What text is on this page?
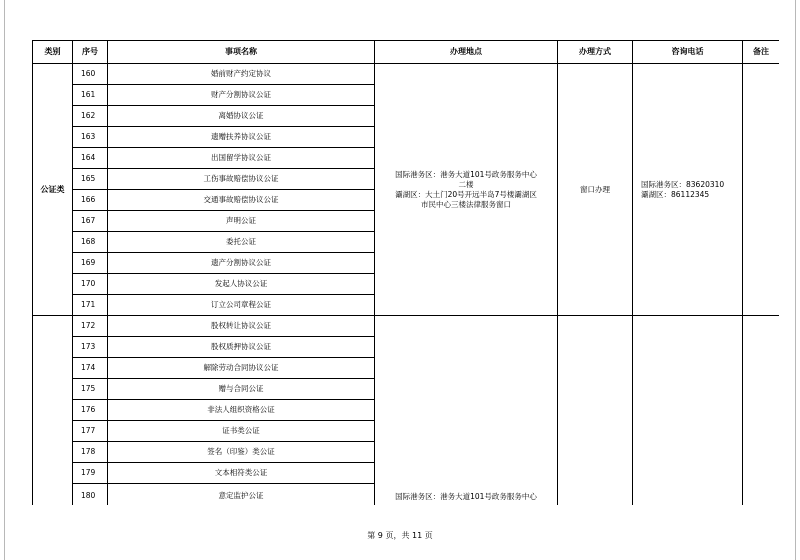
类别	序号	事项名称	办理地点	办理方式	咨询电话	备注
公证类	160	婚前财产约定协议	国际港务区：港务大道101号政务服务中心
二楼
灞湖区：大土门20号开远半岛7号楼灞湖区
市民中心三楼法律服务窗口	窗口办理	国际港务区：83620310
灞湖区：86112345	

	161	财产分割协议公证				
	162	离婚协议公证				
	163	遗赠扶养协议公证				
	164	出国留学协议公证				
	165	工伤事故赔偿协议公证				
	166	交通事故赔偿协议公证				
	167	声明公证				
	168	委托公证				
	169	遗产分割协议公证				
	170	发起人协议公证				
	171	订立公司章程公证				
	172	股权转让协议公证	国际港务区：港务大道101号政务服务中心			

	173	股权质押协议公证				
	174	解除劳动合同协议公证				
	175	赠与合同公证				
	176	非法人组织资格公证				
	177	证书类公证				
	178	签名（印鉴）类公证				
	179	文本相符类公证				
	180	意定监护公证				

第 9 页，共 11 页
